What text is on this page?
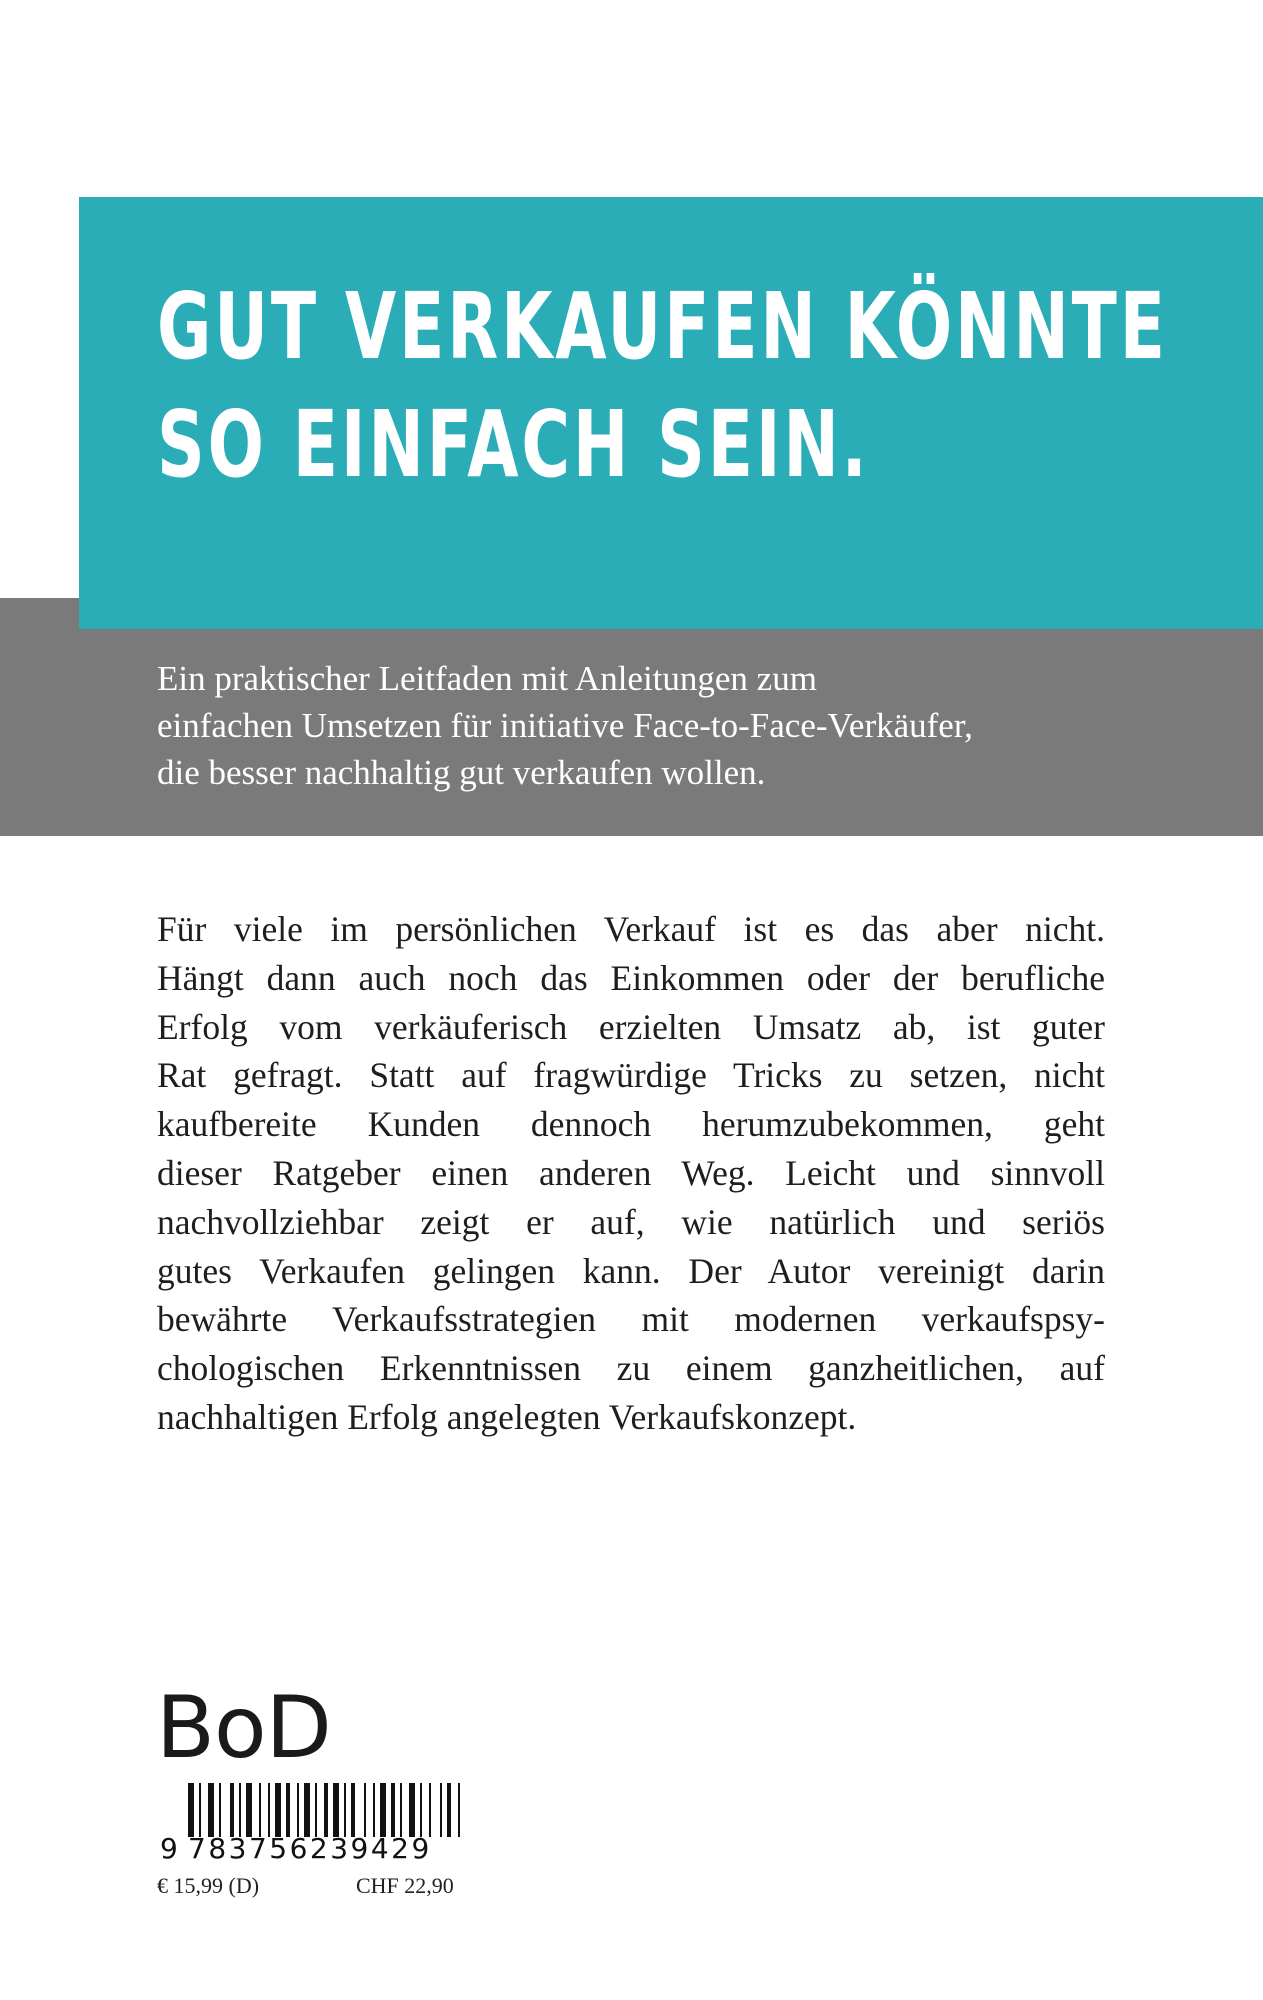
GUT VERKAUFEN KÖNNTE
SO EINFACH SEIN.

Ein praktischer Leitfaden mit Anleitungen zum
einfachen Umsetzen für initiative Face-to-Face-Verkäufer,
die besser nachhaltig gut verkaufen wollen.

Für viele im persönlichen Verkauf ist es das aber nicht.
Hängt dann auch noch das Einkommen oder der berufliche
Erfolg vom verkäuferisch erzielten Umsatz ab, ist guter
Rat gefragt. Statt auf fragwürdige Tricks zu setzen, nicht
kaufbereite Kunden dennoch herumzubekommen, geht
dieser Ratgeber einen anderen Weg. Leicht und sinnvoll
nachvollziehbar zeigt er auf, wie natürlich und seriös
gutes Verkaufen gelingen kann. Der Autor vereinigt darin
bewährte Verkaufsstrategien mit modernen verkaufspsy-
chologischen Erkenntnissen zu einem ganzheitlichen, auf
nachhaltigen Erfolg angelegten Verkaufskonzept.

BoD
9 783756239429
€ 15,99 (D)	CHF 22,90
